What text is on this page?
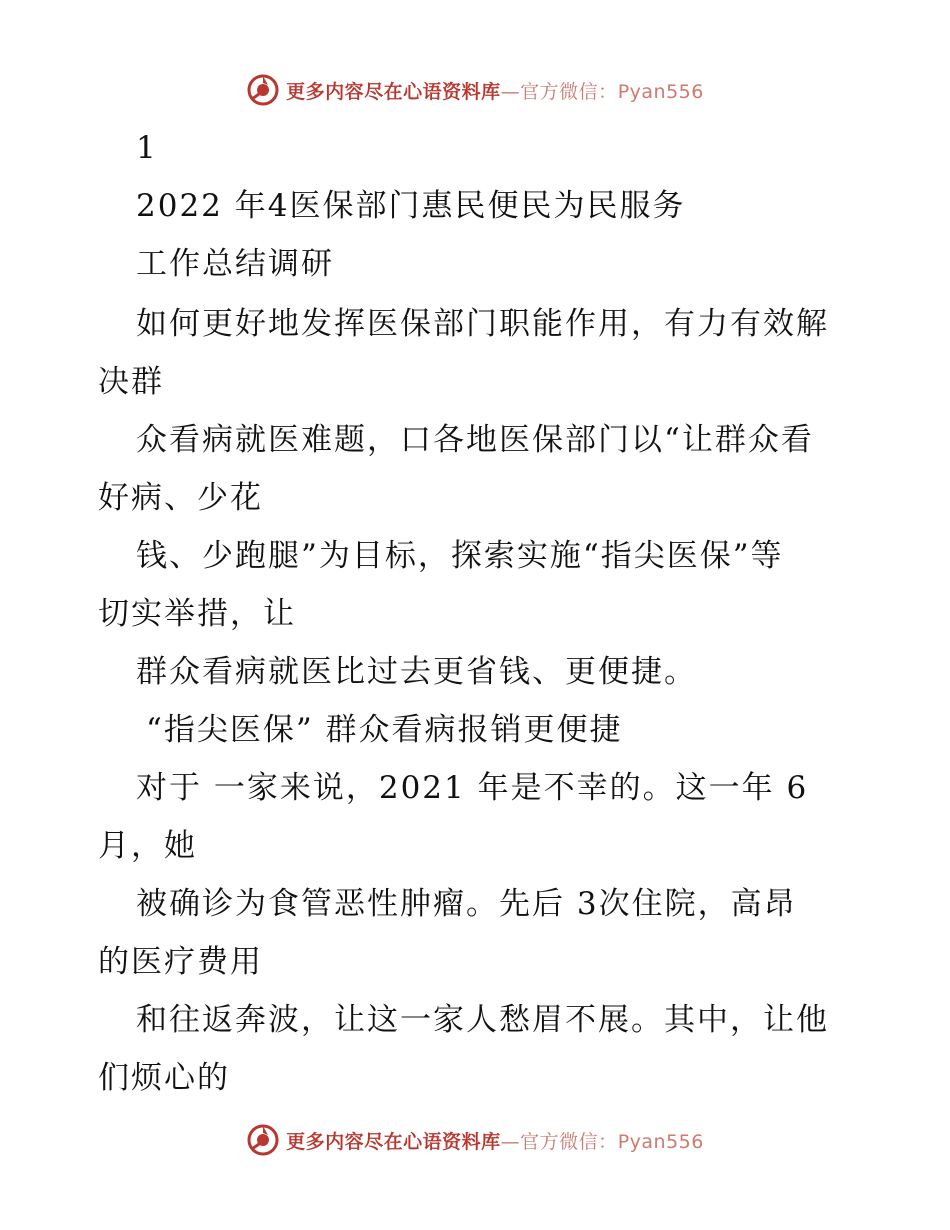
更多内容尽在心语资料库—官方微信：Pyan556
1
2022 年4医保部门惠民便民为民服务
工作总结调研
如何更好地发挥医保部门职能作用，有力有效解
决群
众看病就医难题，口各地医保部门以“让群众看
好病、少花
钱、少跑腿”为目标，探索实施“指尖医保”等
切实举措，让
群众看病就医比过去更省钱、更便捷。
“指尖医保” 群众看病报销更便捷
对于 一家来说，2021 年是不幸的。这一年 6
月，她
被确诊为食管恶性肿瘤。先后 3次住院，高昂
的医疗费用
和往返奔波，让这一家人愁眉不展。其中，让他
们烦心的
更多内容尽在心语资料库—官方微信：Pyan556
